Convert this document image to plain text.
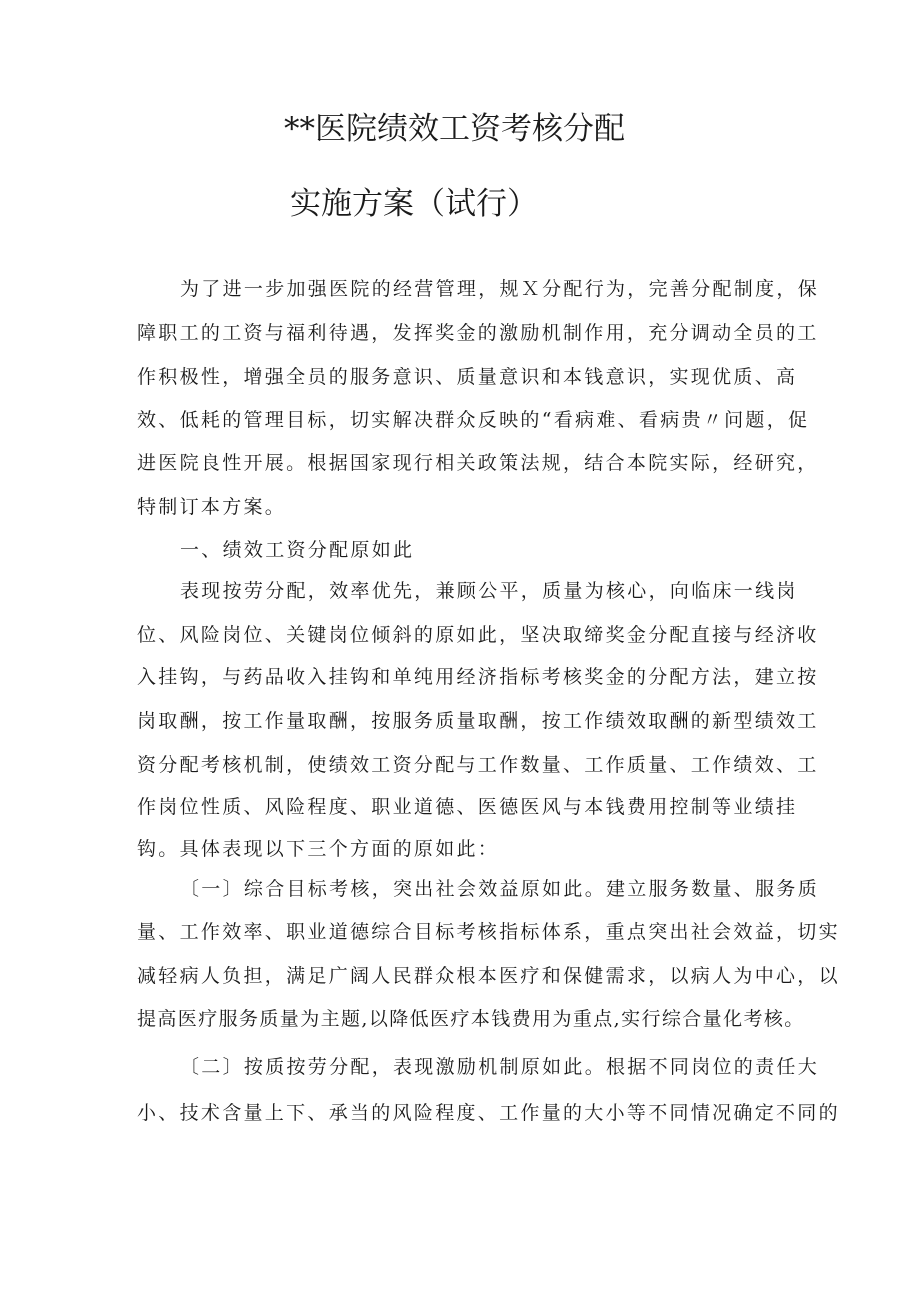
**医院绩效工资考核分配
实施方案（试行）
为了进一步加强医院的经营管理，规Ｘ分配行为，完善分配制度，保
障职工的工资与福利待遇，发挥奖金的激励机制作用，充分调动全员的工
作积极性，增强全员的服务意识、质量意识和本钱意识，实现优质、高
效、低耗的管理目标，切实解决群众反映的“看病难、看病贵〃问题，促
进医院良性开展。根据国家现行相关政策法规，结合本院实际，经研究，
特制订本方案。
一、绩效工资分配原如此
表现按劳分配，效率优先，兼顾公平，质量为核心，向临床一线岗
位、风险岗位、关键岗位倾斜的原如此，坚决取缔奖金分配直接与经济收
入挂钩，与药品收入挂钩和单纯用经济指标考核奖金的分配方法，建立按
岗取酬，按工作量取酬，按服务质量取酬，按工作绩效取酬的新型绩效工
资分配考核机制，使绩效工资分配与工作数量、工作质量、工作绩效、工
作岗位性质、风险程度、职业道德、医德医风与本钱费用控制等业绩挂
钩。具体表现以下三个方面的原如此：
〔一〕综合目标考核，突出社会效益原如此。建立服务数量、服务质
量、工作效率、职业道德综合目标考核指标体系，重点突出社会效益，切实
减轻病人负担，满足广阔人民群众根本医疗和保健需求，以病人为中心，以
提高医疗服务质量为主题,以降低医疗本钱费用为重点,实行综合量化考核。
〔二〕按质按劳分配，表现激励机制原如此。根据不同岗位的责任大
小、技术含量上下、承当的风险程度、工作量的大小等不同情况确定不同的
